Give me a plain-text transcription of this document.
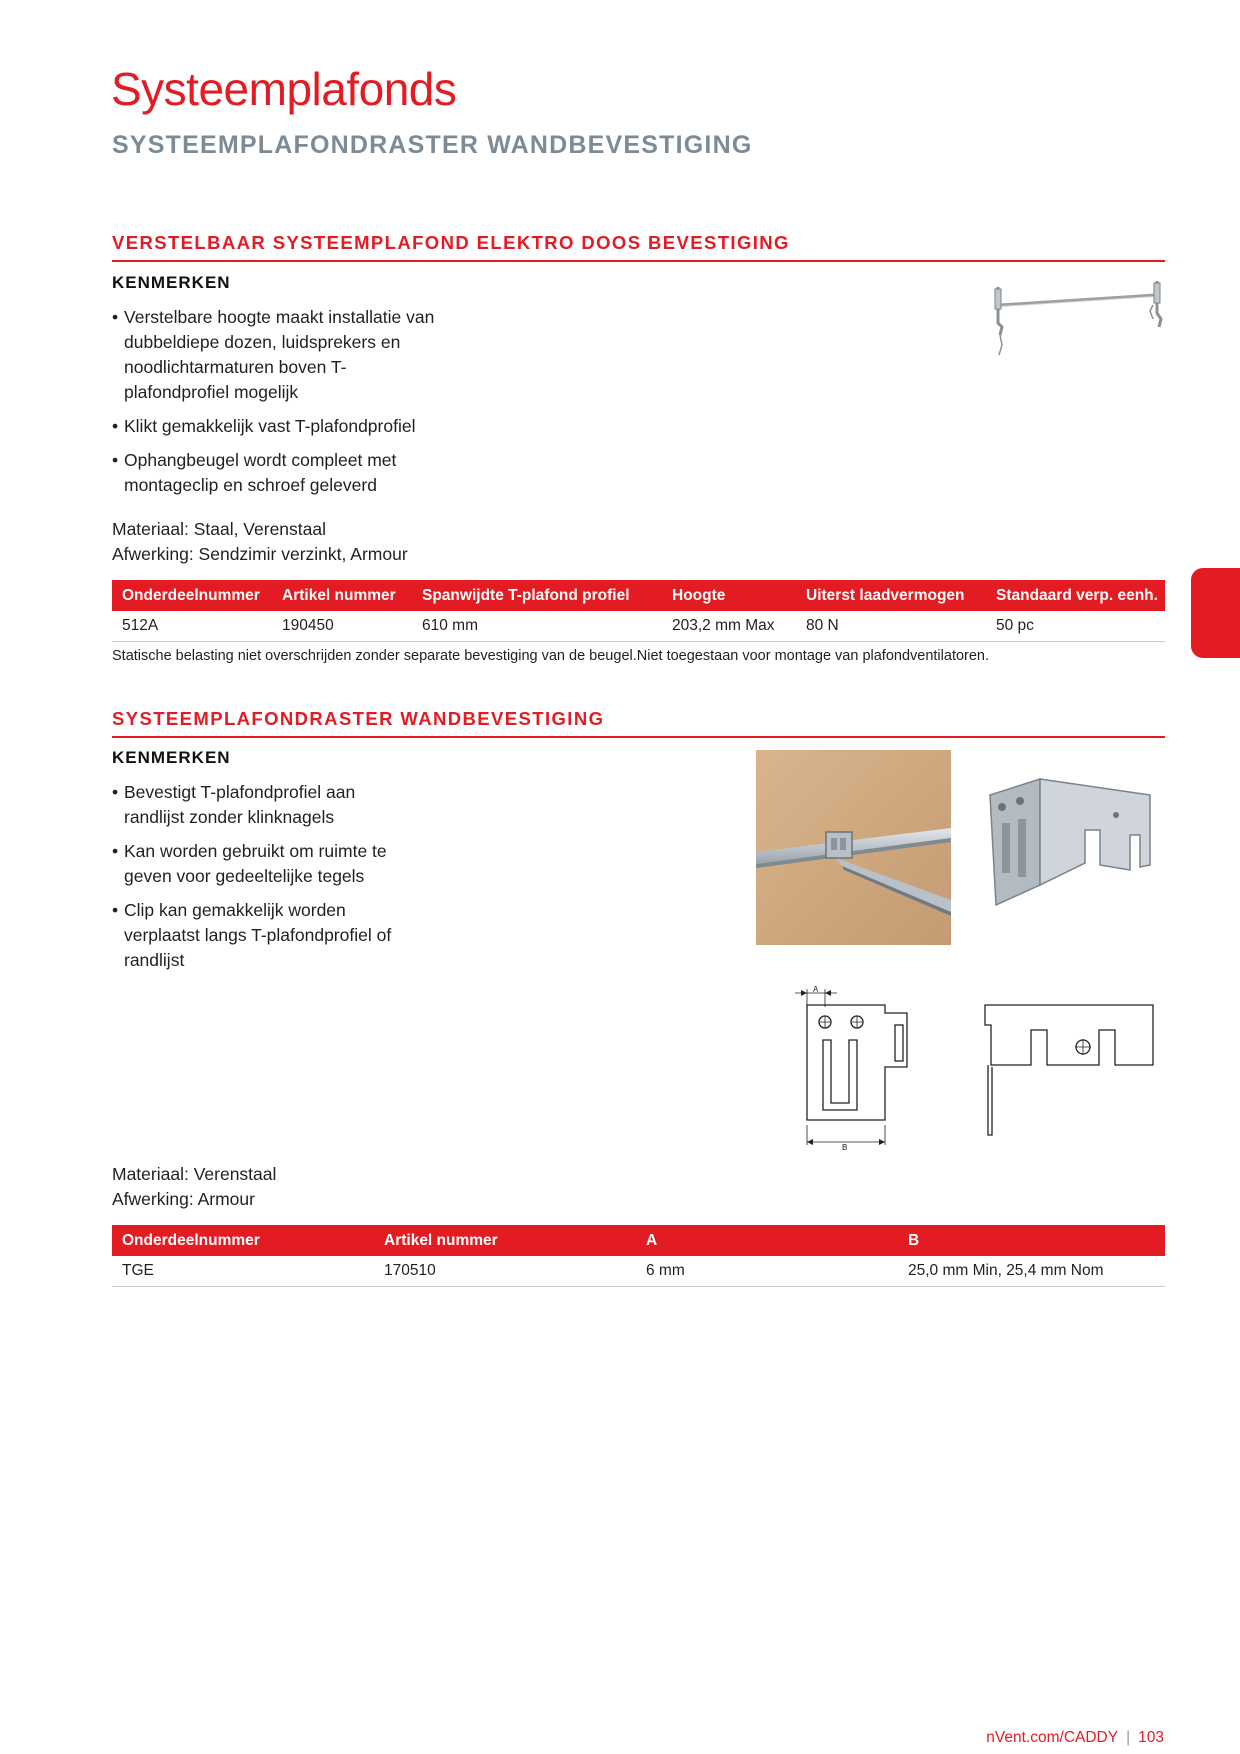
Systeemplafonds
SYSTEEMPLAFONDRASTER WANDBEVESTIGING
VERSTELBAAR SYSTEEMPLAFOND ELEKTRO DOOS BEVESTIGING
KENMERKEN
• Verstelbare hoogte maakt installatie van dubbeldiepe dozen, luidsprekers en noodlichtarmaturen boven T-plafondprofiel mogelijk
• Klikt gemakkelijk vast T-plafondprofiel
• Ophangbeugel wordt compleet met montageclip en schroef geleverd
Materiaal: Staal, Verenstaal
Afwerking: Sendzimir verzinkt, Armour
Onderdeelnummer	Artikel nummer	Spanwijdte T-plafond profiel	Hoogte	Uiterst laadvermogen	Standaard verp. eenh.
512A	190450	610 mm	203,2 mm Max	80 N	50 pc
Statische belasting niet overschrijden zonder separate bevestiging van de beugel.Niet toegestaan voor montage van plafondventilatoren.
SYSTEEMPLAFONDRASTER WANDBEVESTIGING
KENMERKEN
• Bevestigt T-plafondprofiel aan randlijst zonder klinknagels
• Kan worden gebruikt om ruimte te geven voor gedeeltelijke tegels
• Clip kan gemakkelijk worden verplaatst langs T-plafondprofiel of randlijst
A
B
Materiaal: Verenstaal
Afwerking: Armour
Onderdeelnummer	Artikel nummer	A	B
TGE	170510	6 mm	25,0 mm Min, 25,4 mm Nom
nVent.com/CADDY | 103
